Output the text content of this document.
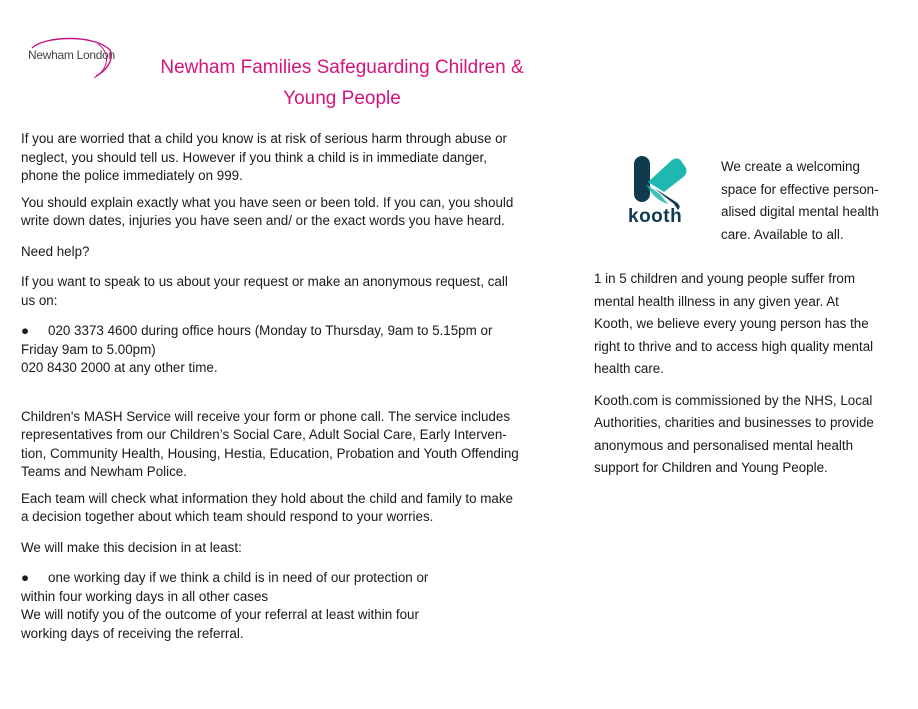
Newham London
Newham Families Safeguarding Children &
Young People

If you are worried that a child you know is at risk of serious harm through abuse or

neglect, you should tell us. However if you think a child is in immediate danger,

phone the police immediately on 999.

You should explain exactly what you have seen or been told. If you can, you should

write down dates, injuries you have seen and/ or the exact words you have heard.

Need help?

If you want to speak to us about your request or make an anonymous request, call

us on:

●	020 3373 4600 during office hours (Monday to Thursday, 9am to 5.15pm or

Friday 9am to 5.00pm)

020 8430 2000 at any other time.

Children's MASH Service will receive your form or phone call. The service includes

representatives from our Children’s Social Care, Adult Social Care, Early Interven-

tion, Community Health, Housing, Hestia, Education, Probation and Youth Offending

Teams and Newham Police.

Each team will check what information they hold about the child and family to make

a decision together about which team should respond to your worries.

We will make this decision in at least:

●	one working day if we think a child is in need of our protection or

within four working days in all other cases

We will notify you of the outcome of your referral at least within four

working days of receiving the referral.

kooth
We create a welcoming
space for effective person-
alised digital mental health
care. Available to all.

1 in 5 children and young people suffer from

mental health illness in any given year. At

Kooth, we believe every young person has the

right to thrive and to access high quality mental

health care.

Kooth.com is commissioned by the NHS, Local

Authorities, charities and businesses to provide

anonymous and personalised mental health

support for Children and Young People.
